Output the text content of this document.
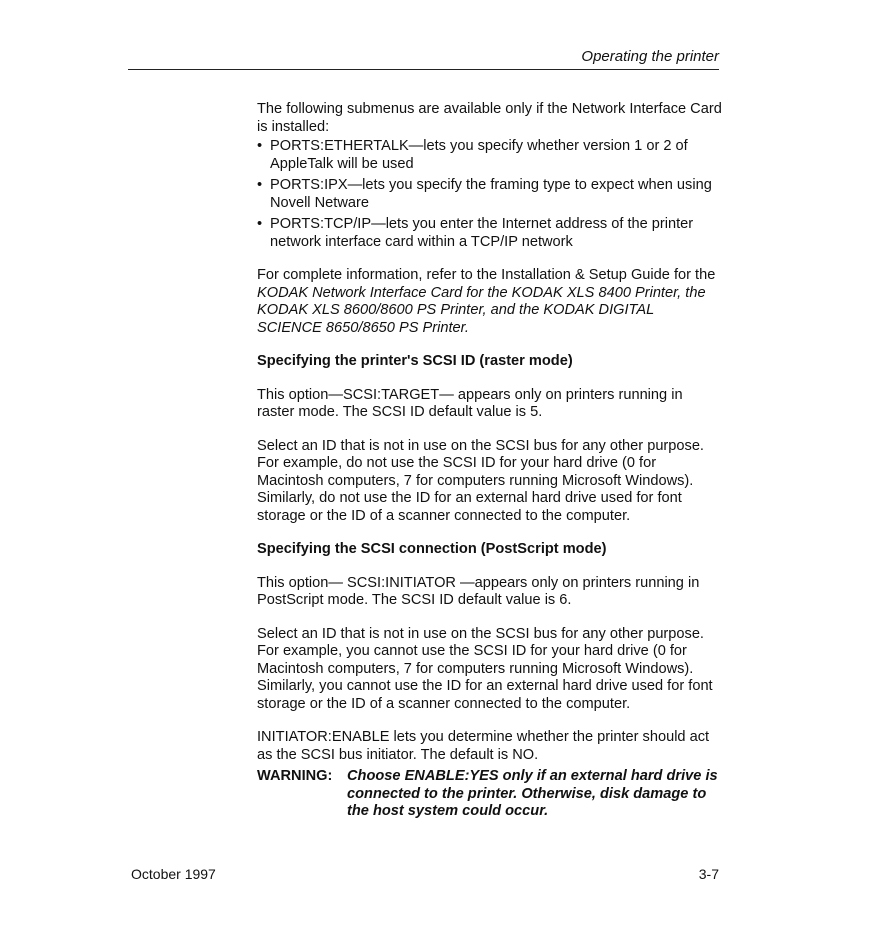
Operating the printer

The following submenus are available only if the Network Interface Card is installed:

• PORTS:ETHERTALK—lets you specify whether version 1 or 2 of AppleTalk will be used
• PORTS:IPX—lets you specify the framing type to expect when using Novell Netware
• PORTS:TCP/IP—lets you enter the Internet address of the printer network interface card within a TCP/IP network

For complete information, refer to the Installation & Setup Guide for the KODAK Network Interface Card for the KODAK XLS 8400 Printer, the KODAK XLS 8600/8600 PS Printer, and the KODAK DIGITAL SCIENCE 8650/8650 PS Printer.

Specifying the printer's SCSI ID (raster mode)

This option—SCSI:TARGET— appears only on printers running in raster mode. The SCSI ID default value is 5.

Select an ID that is not in use on the SCSI bus for any other purpose. For example, do not use the SCSI ID for your hard drive (0 for Macintosh computers, 7 for computers running Microsoft Windows). Similarly, do not use the ID for an external hard drive used for font storage or the ID of a scanner connected to the computer.

Specifying the SCSI connection (PostScript mode)

This option— SCSI:INITIATOR —appears only on printers running in PostScript mode. The SCSI ID default value is 6.

Select an ID that is not in use on the SCSI bus for any other purpose. For example, you cannot use the SCSI ID for your hard drive (0 for Macintosh computers, 7 for computers running Microsoft Windows). Similarly, you cannot use the ID for an external hard drive used for font storage or the ID of a scanner connected to the computer.

INITIATOR:ENABLE lets you determine whether the printer should act as the SCSI bus initiator. The default is NO.

WARNING: Choose ENABLE:YES only if an external hard drive is connected to the printer. Otherwise, disk damage to the host system could occur.
October 1997	3-7
